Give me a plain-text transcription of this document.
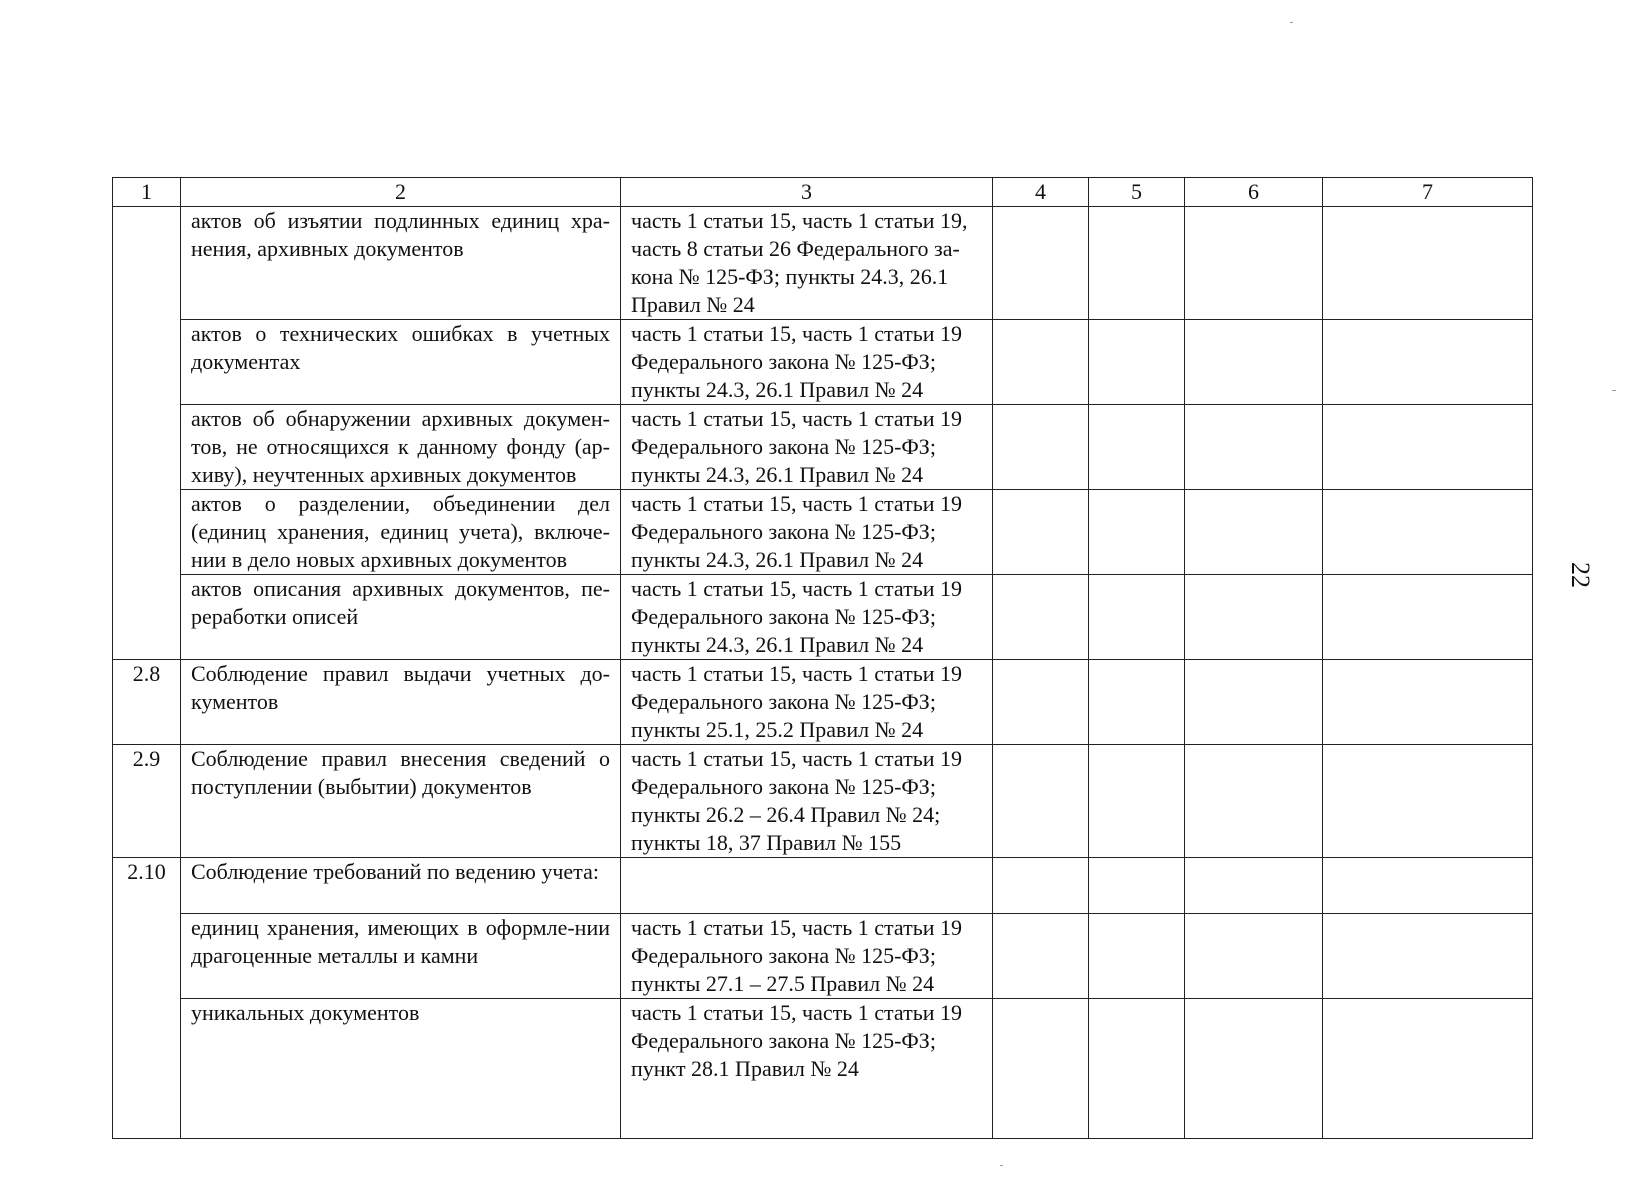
1	2	3	4	5	6	7
	актов об изъятии подлинных единиц хра-нения, архивных документов	часть 1 статьи 15, часть 1 статьи 19, часть 8 статьи 26 Федерального за-кона № 125-ФЗ; пункты 24.3, 26.1 Правил № 24				
	актов о технических ошибках в учетных документах	часть 1 статьи 15, часть 1 статьи 19 Федерального закона № 125-ФЗ; пункты 24.3, 26.1 Правил № 24				
	актов об обнаружении архивных докумен-тов, не относящихся к данному фонду (ар-хиву), неучтенных архивных документов	часть 1 статьи 15, часть 1 статьи 19 Федерального закона № 125-ФЗ; пункты 24.3, 26.1 Правил № 24				
	актов о разделении, объединении дел (единиц хранения, единиц учета), включе-нии в дело новых архивных документов	часть 1 статьи 15, часть 1 статьи 19 Федерального закона № 125-ФЗ; пункты 24.3, 26.1 Правил № 24				
	актов описания архивных документов, пе-реработки описей	часть 1 статьи 15, часть 1 статьи 19 Федерального закона № 125-ФЗ; пункты 24.3, 26.1 Правил № 24				
2.8	Соблюдение правил выдачи учетных до-кументов	часть 1 статьи 15, часть 1 статьи 19 Федерального закона № 125-ФЗ; пункты 25.1, 25.2 Правил № 24				
2.9	Соблюдение правил внесения сведений о поступлении (выбытии) документов	часть 1 статьи 15, часть 1 статьи 19 Федерального закона № 125-ФЗ; пункты 26.2 – 26.4 Правил № 24; пункты 18, 37 Правил № 155				
2.10	Соблюдение требований по ведению учета:					
	единиц хранения, имеющих в оформле-нии драгоценные металлы и камни	часть 1 статьи 15, часть 1 статьи 19 Федерального закона № 125-ФЗ; пункты 27.1 – 27.5 Правил № 24				
	уникальных документов	часть 1 статьи 15, часть 1 статьи 19 Федерального закона № 125-ФЗ; пункт 28.1 Правил № 24				
22
